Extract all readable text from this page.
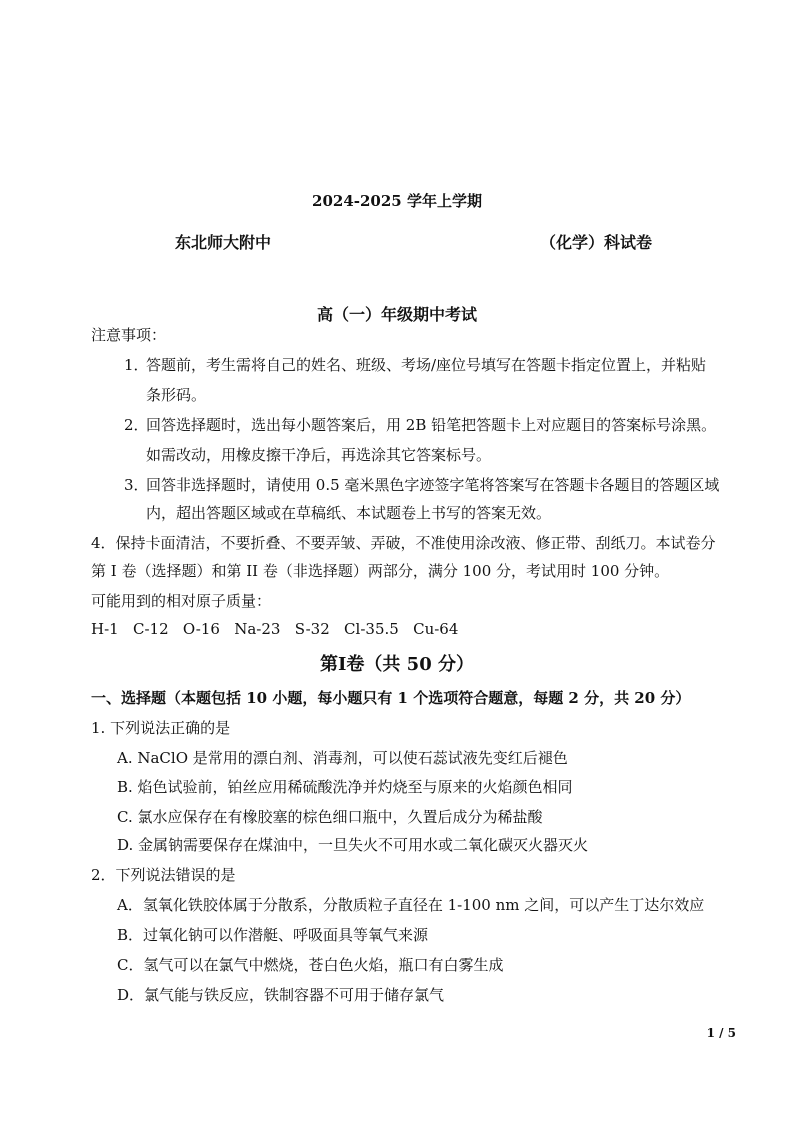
2024-2025 学年上学期
东北师大附中	（化学）科试卷
高（一）年级期中考试
注意事项：
1．
答题前，考生需将自己的姓名、班级、考场/座位号填写在答题卡指定位置上，并粘贴
条形码。
2．
回答选择题时，选出每小题答案后，用 2B 铅笔把答题卡上对应题目的答案标号涂黑。
如需改动，用橡皮擦干净后，再选涂其它答案标号。
3．
回答非选择题时，请使用 0.5 毫米黑色字迹签字笔将答案写在答题卡各题目的答题区域
内，超出答题区域或在草稿纸、本试题卷上书写的答案无效。
4．保持卡面清洁，不要折叠、不要弄皱、弄破，不准使用涂改液、修正带、刮纸刀。本试卷分
第 I 卷（选择题）和第 II 卷（非选择题）两部分，满分 100 分，考试用时 100 分钟。
可能用到的相对原子质量：
H-1   C-12   O-16   Na-23   S-32   Cl-35.5   Cu-64
第Ⅰ卷（共 50 分）
一、选择题（本题包括 10 小题，每小题只有 1 个选项符合题意，每题 2 分，共 20 分）
1. 下列说法正确的是
A. NaClO 是常用的漂白剂、消毒剂，可以使石蕊试液先变红后褪色
B. 焰色试验前，铂丝应用稀硫酸洗净并灼烧至与原来的火焰颜色相同
C. 氯水应保存在有橡胶塞的棕色细口瓶中，久置后成分为稀盐酸
D. 金属钠需要保存在煤油中，一旦失火不可用水或二氧化碳灭火器灭火
2．下列说法错误的是
A．氢氧化铁胶体属于分散系，分散质粒子直径在 1-100 nm 之间，可以产生丁达尔效应
B．过氧化钠可以作潜艇、呼吸面具等氧气来源
C．氢气可以在氯气中燃烧，苍白色火焰，瓶口有白雾生成
D．氯气能与铁反应，铁制容器不可用于储存氯气
1 / 5
